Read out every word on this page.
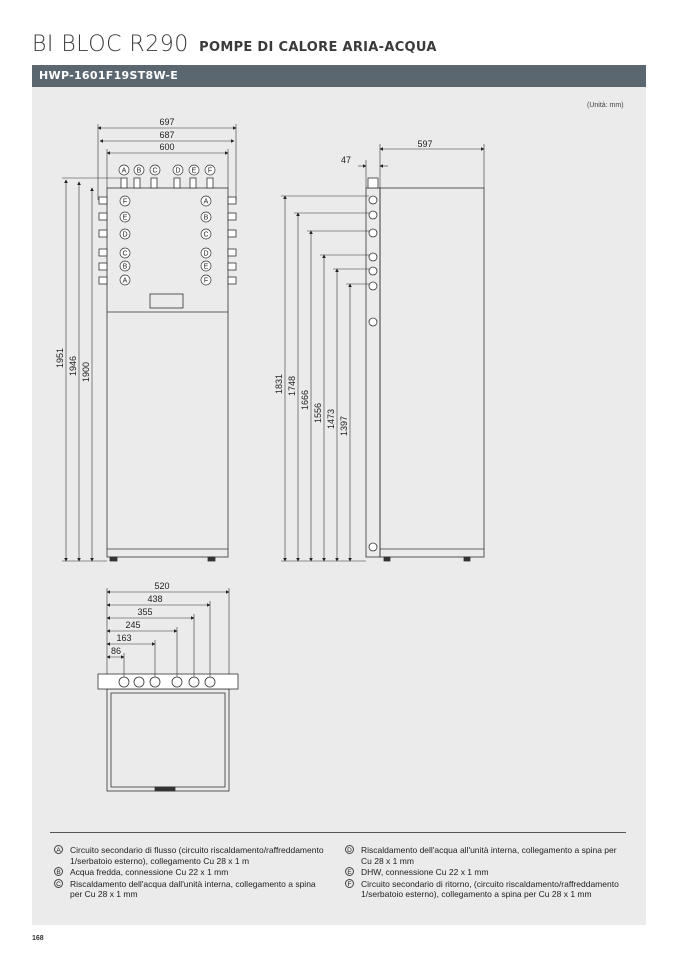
BI BLOC R290 POMPE DI CALORE ARIA-ACQUA
HWP-1601F19ST8W-E
(Unità: mm)
A B C	D E F
F
E
D
C
B
A
A
B
C
D
E
F
697
687
600
1951 1946 1900
597
47
1831 1748
1666
1556 1473 1397
520
438
355
245
163
86
A Circuito secondario di flusso (circuito riscaldamento/raffreddamento 1/serbatoio esterno), collegamento Cu 28 x 1 m
B Acqua fredda, connessione Cu 22 x 1 mm
C Riscaldamento dell'acqua dall'unità interna, collegamento a spina per Cu 28 x 1 mm
D Riscaldamento dell'acqua all'unità interna, collegamento a spina per Cu 28 x 1 mm
E DHW, connessione Cu 22 x 1 mm
F Circuito secondario di ritorno, (circuito riscaldamento/raffreddamento 1/serbatoio esterno), collegamento a spina per Cu 28 x 1 mm
168
